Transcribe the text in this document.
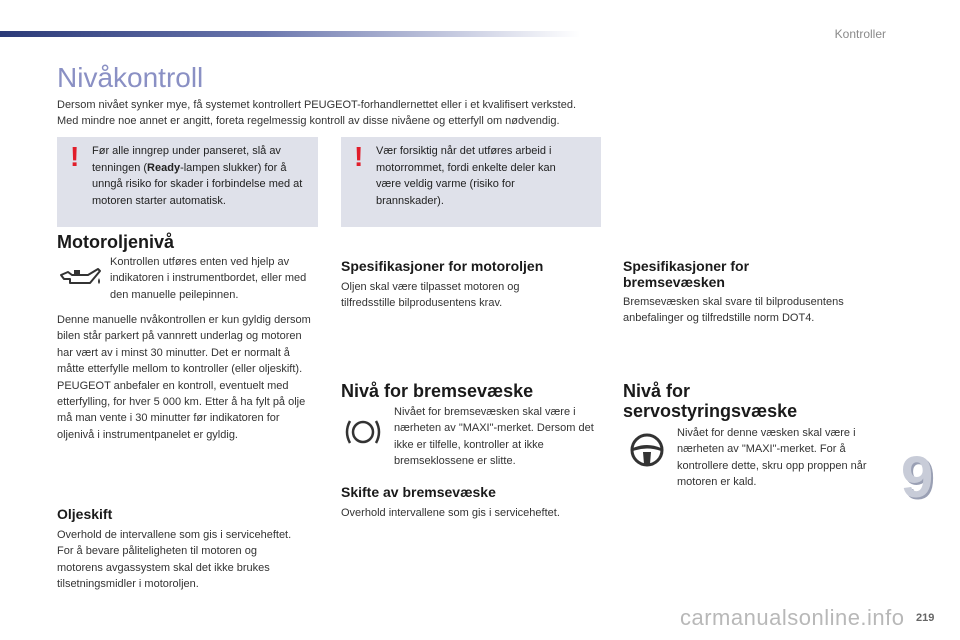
Kontroller
Nivåkontroll

Dersom nivået synker mye, få systemet kontrollert PEUGEOT-forhandlernettet eller i et kvalifisert verksted.

Med mindre noe annet er angitt, foreta regelmessig kontroll av disse nivåene og etterfyll om nødvendig.

! Før alle inngrep under panseret, slå av tenningen (Ready-lampen slukker) for å unngå risiko for skader i forbindelse med at motoren starter automatisk.
! Vær forsiktig når det utføres arbeid i motorrommet, fordi enkelte deler kan være veldig varme (risiko for brannskader).
Motoroljenivå

Kontrollen utføres enten ved hjelp av indikatoren i instrumentbordet, eller med den manuelle peilepinnen.

Denne manuelle nvåkontrollen er kun gyldig dersom bilen står parkert på vannrett underlag og motoren har vært av i minst 30 minutter. Det er normalt å måtte etterfylle mellom to kontroller (eller oljeskift). PEUGEOT anbefaler en kontroll, eventuelt med etterfylling, for hver 5 000 km. Etter å ha fylt på olje må man vente i 30 minutter før indikatoren for oljenivå i instrumentpanelet er gyldig.

Oljeskift

Overhold de intervallene som gis i serviceheftet. For å bevare påliteligheten til motoren og motorens avgassystem skal det ikke brukes tilsetningsmidler i motoroljen.

Spesifikasjoner for motoroljen

Oljen skal være tilpasset motoren og tilfredsstille bilprodusentens krav.

Nivå for bremsevæske

Nivået for bremsevæsken skal være i nærheten av "MAXI"-merket. Dersom det ikke er tilfelle, kontroller at ikke bremseklossene er slitte.

Skifte av bremsevæske

Overhold intervallene som gis i serviceheftet.

Spesifikasjoner for bremsevæsken

Bremsevæsken skal svare til bilprodusentens anbefalinger og tilfredstille norm DOT4.

Nivå for servostyringsvæske

Nivået for denne væsken skal være i nærheten av "MAXI"-merket. For å kontrollere dette, skru opp proppen når motoren er kald.	9
carmanualsonline.info 219
